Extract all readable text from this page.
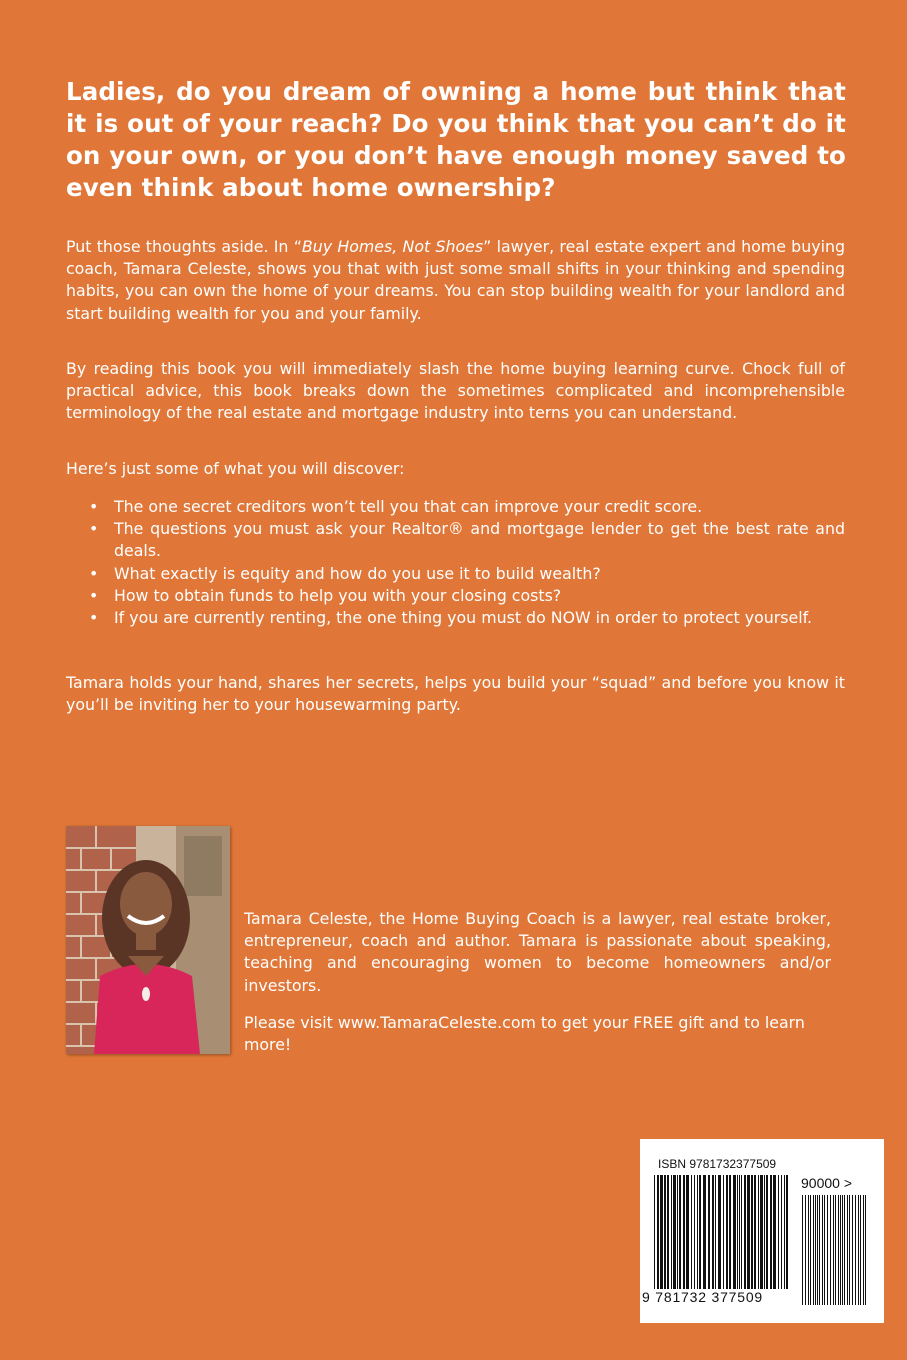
Ladies, do you dream of owning a home but think that it is out of your reach? Do you think that you can’t do it on your own, or you don’t have enough money saved to even think about home ownership?

Put those thoughts aside. In “Buy Homes, Not Shoes” lawyer, real estate expert and home buying coach, Tamara Celeste, shows you that with just some small shifts in your thinking and spending habits, you can own the home of your dreams. You can stop building wealth for your landlord and start building wealth for you and your family.

By reading this book you will immediately slash the home buying learning curve. Chock full of practical advice, this book breaks down the sometimes complicated and incomprehensible terminology of the real estate and mortgage industry into terns you can understand.

Here’s just some of what you will discover:

• The one secret creditors won’t tell you that can improve your credit score.
• The questions you must ask your Realtor® and mortgage lender to get the best rate and deals.
• What exactly is equity and how do you use it to build wealth?
• How to obtain funds to help you with your closing costs?
• If you are currently renting, the one thing you must do NOW in order to protect yourself.

Tamara holds your hand, shares her secrets, helps you build your “squad” and before you know it you’ll be inviting her to your housewarming party.

Tamara Celeste, the Home Buying Coach is a lawyer, real estate broker, entrepreneur, coach and author. Tamara is passionate about speaking, teaching and encouraging women to become homeowners and/or investors.

Please visit www.TamaraCeleste.com to get your FREE gift and to learn more!

ISBN 9781732377509
90000 >
9 781732 377509
